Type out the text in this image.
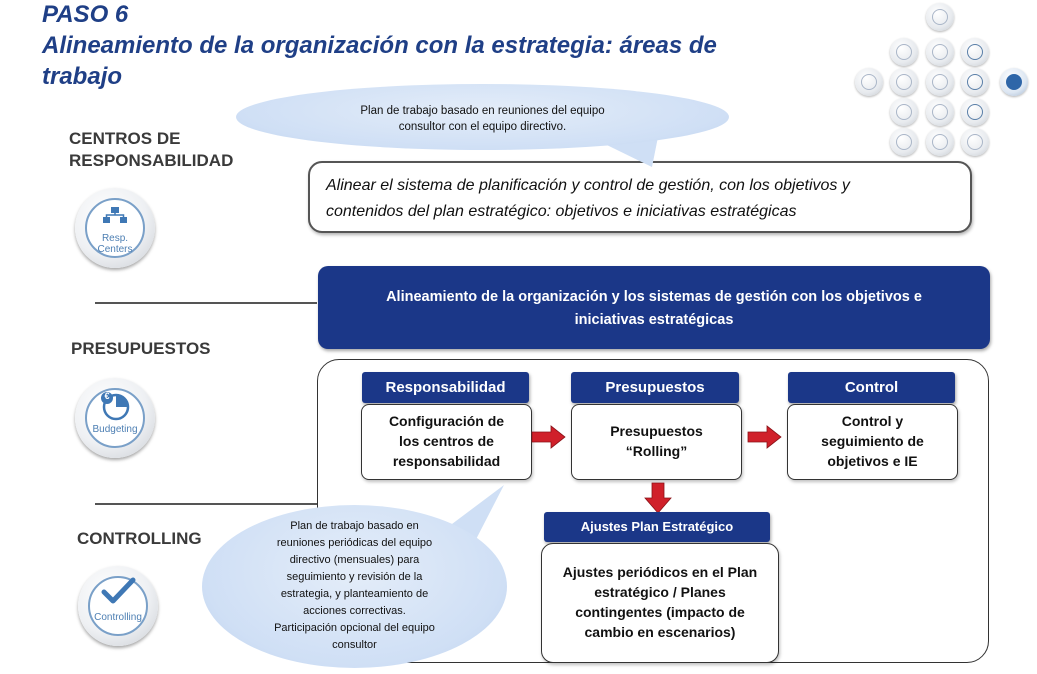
PASO 6
Alineamiento de la organización con la estrategia: áreas de
trabajo
CENTROS DE
RESPONSABILIDAD
PRESUPUESTOS
CONTROLLING
Resp.
Centers
€
Budgeting
Controlling
Alinear el sistema de planificación y control de gestión, con los objetivos y
contenidos del plan estratégico: objetivos e iniciativas estratégicas
Plan de trabajo basado en reuniones del equipo
consultor con el equipo directivo.
Alineamiento de la organización y los sistemas de gestión con los objetivos e
iniciativas estratégicas
Responsabilidad
Configuración de
los centros de
responsabilidad
Presupuestos
Presupuestos
“Rolling”
Control
Control y
seguimiento de
objetivos e IE
Ajustes Plan Estratégico
Ajustes periódicos en el Plan
estratégico / Planes
contingentes (impacto de
cambio en escenarios)
Plan de trabajo basado en
reuniones periódicas del equipo
directivo (mensuales) para
seguimiento y revisión de la
estrategia, y planteamiento de
acciones correctivas.
Participación opcional del equipo
consultor
